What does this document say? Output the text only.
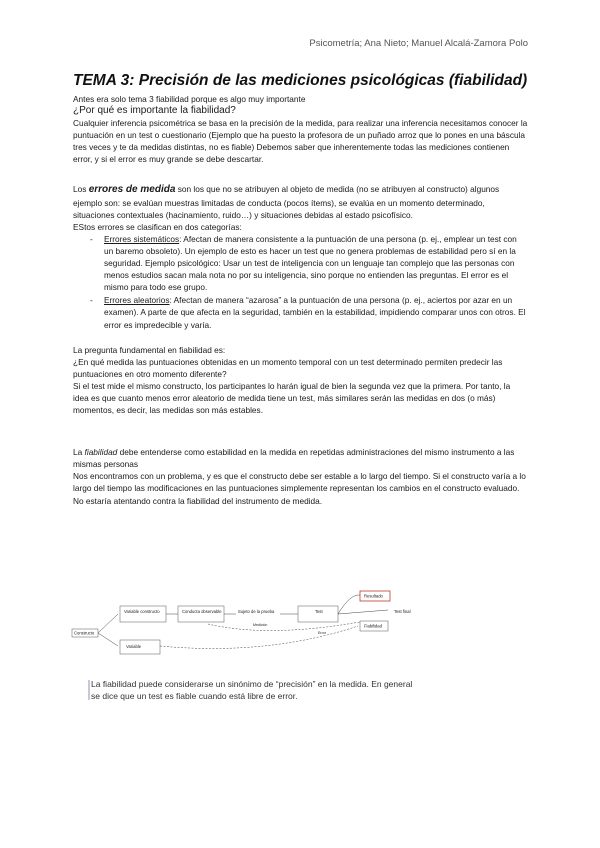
Psicometría; Ana Nieto; Manuel Alcalá-Zamora Polo
TEMA 3: Precisión de las mediciones psicológicas (fiabilidad)

Antes era solo tema 3 fiabilidad porque es algo muy importante

¿Por qué es importante la fiabilidad?

Cualquier inferencia psicométrica se basa en la precisión de la medida, para realizar una inferencia necesitamos conocer la puntuación en un test o cuestionario (Ejemplo que ha puesto la profesora de un puñado arroz que lo pones en una báscula tres veces y te da medidas distintas, no es fiable) Debemos saber que inherentemente todas las mediciones contienen error, y si el error es muy grande se debe descartar.

Los errores de medida son los que no se atribuyen al objeto de medida (no se atribuyen al constructo) algunos ejemplo son: se evalúan muestras limitadas de conducta (pocos ítems), se evalúa en un momento determinado, situaciones contextuales (hacinamiento, ruido…) y situaciones debidas al estado psicofísico.

EStos errores se clasifican en dos categorías:

- Errores sistemáticos: Afectan de manera consistente a la puntuación de una persona (p. ej., emplear un test con un baremo obsoleto). Un ejemplo de esto es hacer un test que no genera problemas de estabilidad pero sí en la seguridad. Ejemplo psicológico: Usar un test de inteligencia con un lenguaje tan complejo que las personas con menos estudios sacan mala nota no por su inteligencia, sino porque no entienden las preguntas. El error es el mismo para todo ese grupo.
- Errores aleatorios: Afectan de manera “azarosa” a la puntuación de una persona (p. ej., aciertos por azar en un examen). A parte de que afecta en la seguridad, también en la estabilidad, impidiendo comparar unos con otros. El error es impredecible y varía.

La pregunta fundamental en fiabilidad es:

¿En qué medida las puntuaciones obtenidas en un momento temporal con un test determinado permiten predecir las puntuaciones en otro momento diferente?

Si el test mide el mismo constructo, los participantes lo harán igual de bien la segunda vez que la primera. Por tanto, la idea es que cuanto menos error aleatorio de medida tiene un test, más similares serán las medidas en dos (o más) momentos, es decir, las medidas son más estables.

La fiabilidad debe entenderse como estabilidad en la medida en repetidas administraciones del mismo instrumento a las mismas personas

Nos encontramos con un problema, y es que el constructo debe ser estable a lo largo del tiempo. Si el constructo varía a lo largo del tiempo las modificaciones en las puntuaciones simplemente representan los cambios en el constructo evaluado. No estaría atentando contra la fiabilidad del instrumento de medida.

Constructo
Variable constructo	Conducta observable	Sujeto de la prueba	Test
Variable
Resultado
Test final
Fiabilidad
Error
Medición
La fiabilidad puede considerarse un sinónimo de “precisión” en la medida. En general se dice que un test es fiable cuando está libre de error.
